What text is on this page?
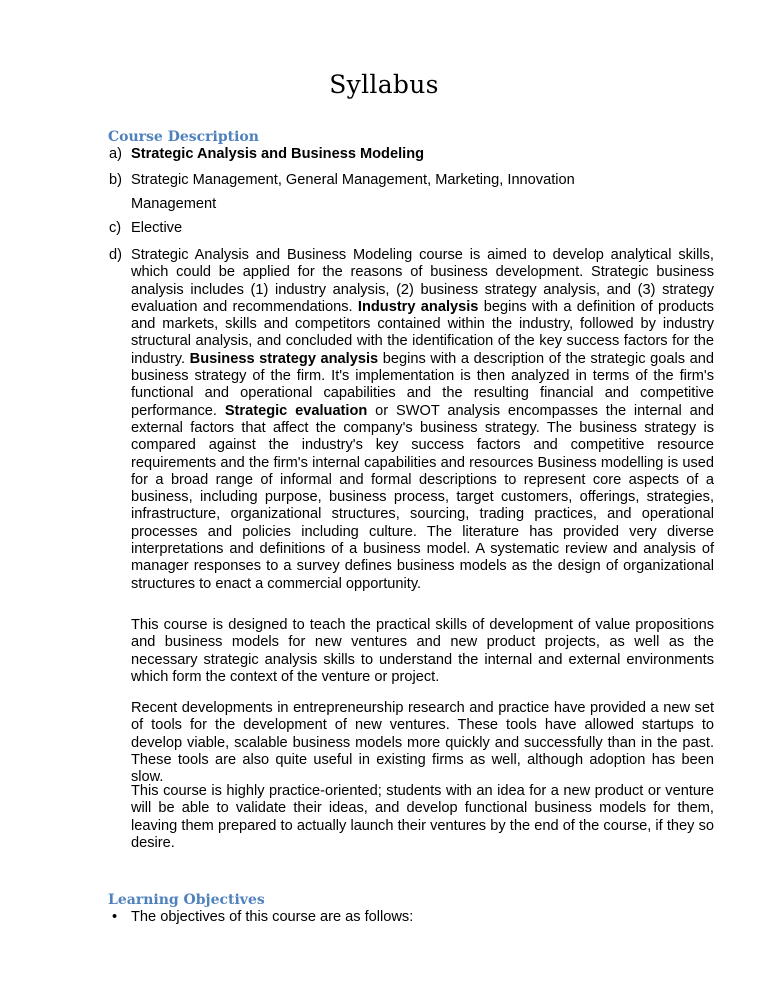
Syllabus
Course Description
a) Strategic Analysis and Business Modeling
b) Strategic Management, General Management, Marketing, Innovation
Management
c) Elective
d) Strategic Analysis and Business Modeling course is aimed to develop analytical skills, which could be applied for the reasons of business development. Strategic business analysis includes (1) industry analysis, (2) business strategy analysis, and (3) strategy evaluation and recommendations. Industry analysis begins with a definition of products and markets, skills and competitors contained within the industry, followed by industry structural analysis, and concluded with the identification of the key success factors for the industry. Business strategy analysis begins with a description of the strategic goals and business strategy of the firm. It's implementation is then analyzed in terms of the firm's functional and operational capabilities and the resulting financial and competitive performance. Strategic evaluation or SWOT analysis encompasses the internal and external factors that affect the company's business strategy. The business strategy is compared against the industry's key success factors and competitive resource requirements and the firm's internal capabilities and resources Business modelling is used for a broad range of informal and formal descriptions to represent core aspects of a business, including purpose, business process, target customers, offerings, strategies, infrastructure, organizational structures, sourcing, trading practices, and operational processes and policies including culture. The literature has provided very diverse interpretations and definitions of a business model. A systematic review and analysis of manager responses to a survey defines business models as the design of organizational structures to enact a commercial opportunity.
This course is designed to teach the practical skills of development of value propositions and business models for new ventures and new product projects, as well as the necessary strategic analysis skills to understand the internal and external environments which form the context of the venture or project.
Recent developments in entrepreneurship research and practice have provided a new set of tools for the development of new ventures. These tools have allowed startups to develop viable, scalable business models more quickly and successfully than in the past. These tools are also quite useful in existing firms as well, although adoption has been slow.
This course is highly practice-oriented; students with an idea for a new product or venture will be able to validate their ideas, and develop functional business models for them, leaving them prepared to actually launch their ventures by the end of the course, if they so desire.
Learning Objectives
• The objectives of this course are as follows:
